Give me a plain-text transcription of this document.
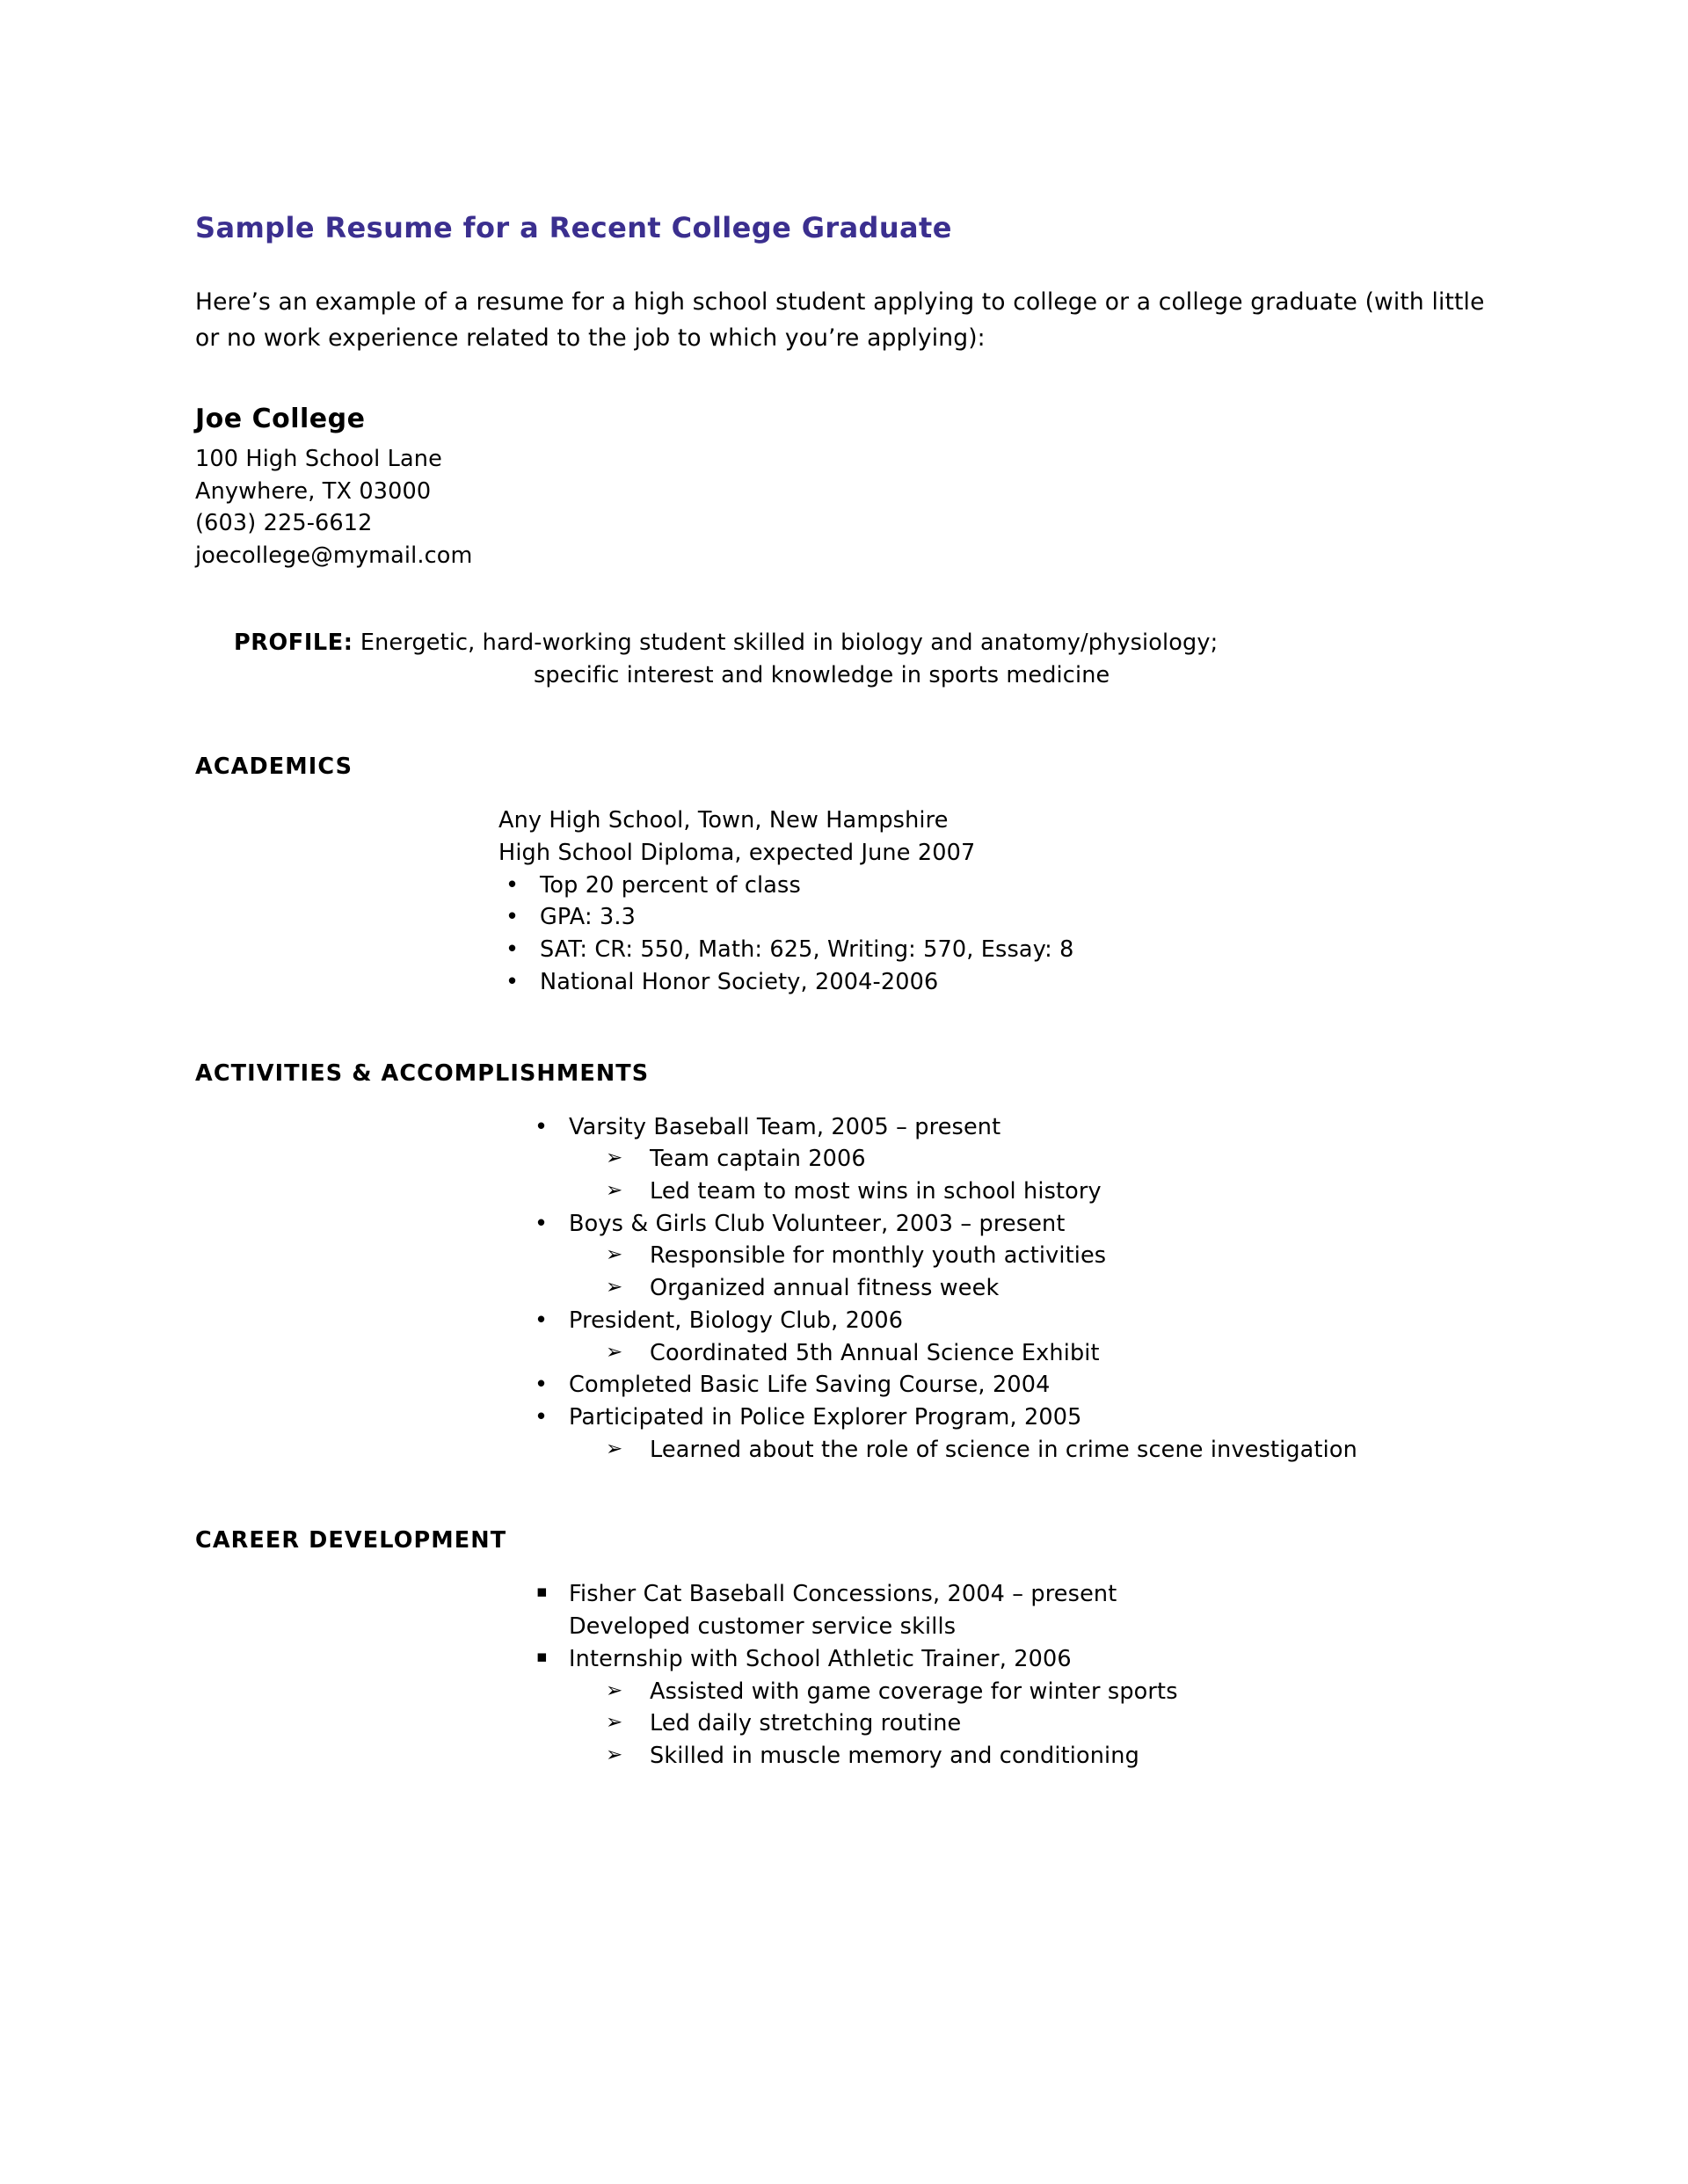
Sample Resume for a Recent College Graduate

Here’s an example of a resume for a high school student applying to college or a college graduate (with little or no work experience related to the job to which you’re applying):

Joe College
100 High School Lane
Anywhere, TX 03000
(603) 225-6612
joecollege@mymail.com
PROFILE: Energetic, hard-working student skilled in biology and anatomy/physiology;
specific interest and knowledge in sports medicine
ACADEMICS
Any High School, Town, New Hampshire
High School Diploma, expected June 2007
• Top 20 percent of class
• GPA: 3.3
• SAT: CR: 550, Math: 625, Writing: 570, Essay: 8
• National Honor Society, 2004-2006
ACTIVITIES & ACCOMPLISHMENTS
• Varsity Baseball Team, 2005 – present
➢ Team captain 2006
➢ Led team to most wins in school history
• Boys & Girls Club Volunteer, 2003 – present
➢ Responsible for monthly youth activities
➢ Organized annual fitness week
• President, Biology Club, 2006
➢ Coordinated 5th Annual Science Exhibit
• Completed Basic Life Saving Course, 2004
• Participated in Police Explorer Program, 2005
➢ Learned about the role of science in crime scene investigation
CAREER DEVELOPMENT
▪ Fisher Cat Baseball Concessions, 2004 – present
Developed customer service skills
▪ Internship with School Athletic Trainer, 2006
➢ Assisted with game coverage for winter sports
➢ Led daily stretching routine
➢ Skilled in muscle memory and conditioning
